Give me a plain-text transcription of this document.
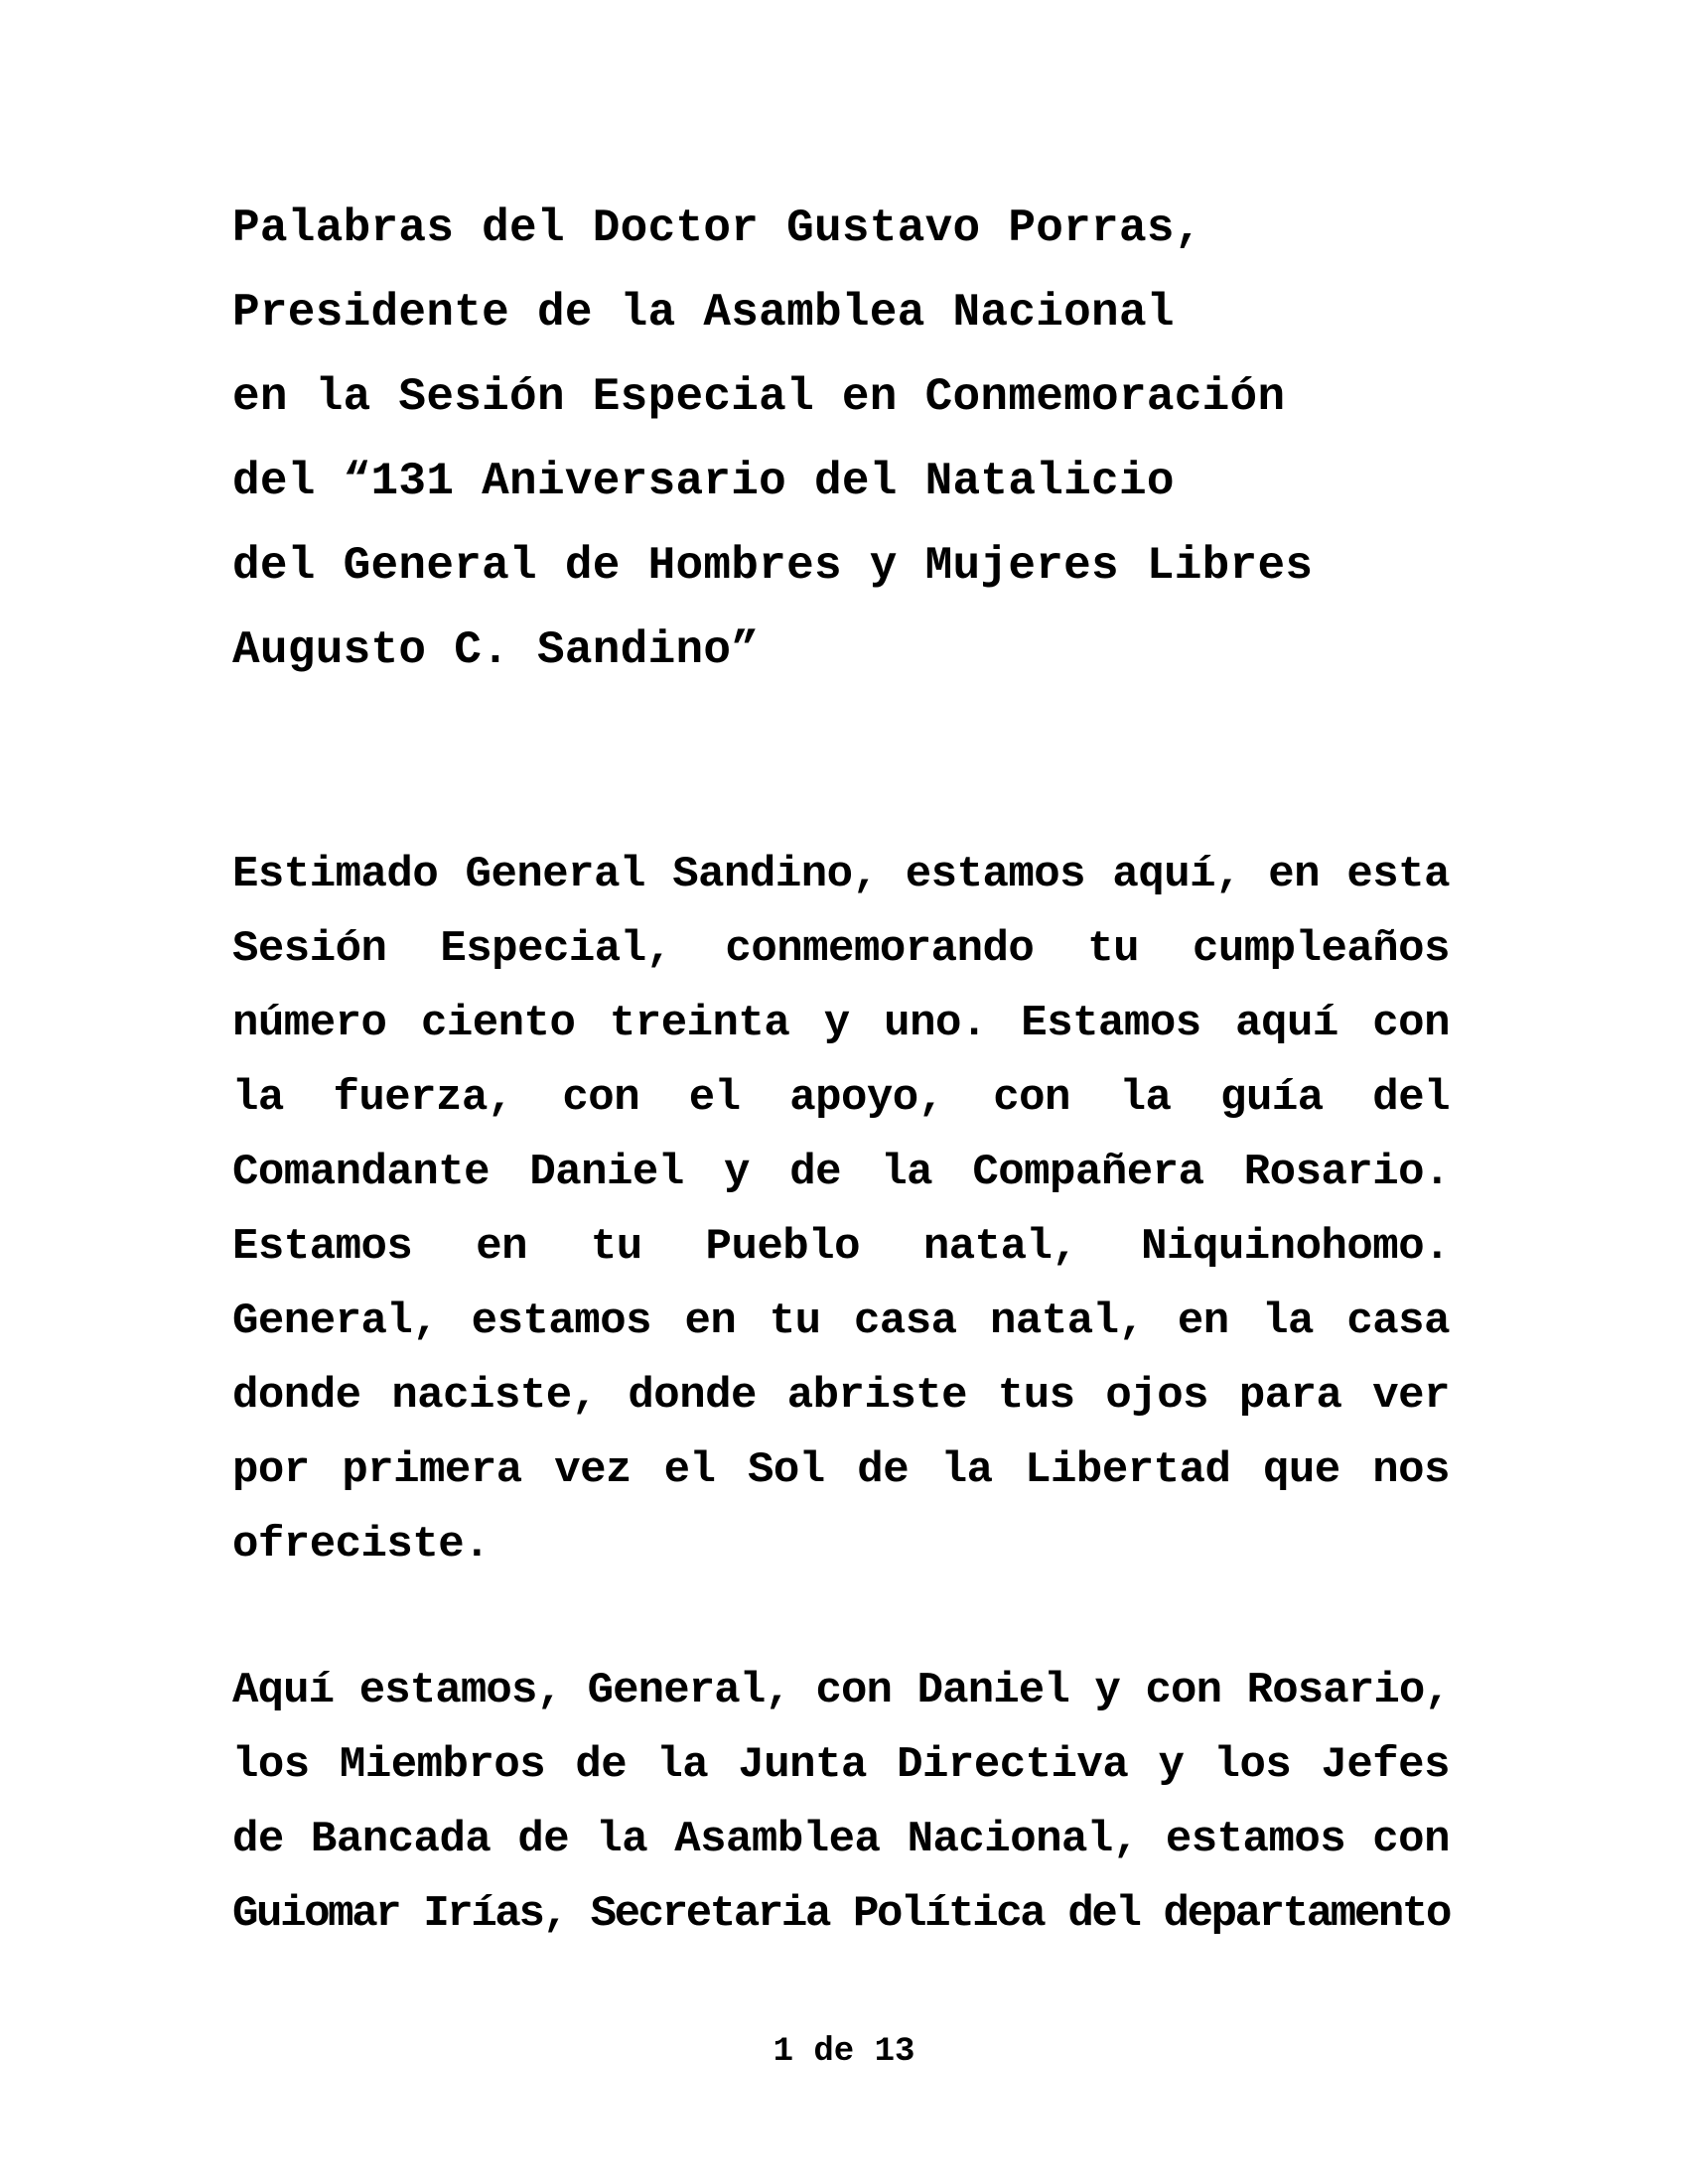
Palabras del Doctor Gustavo Porras,
Presidente de la Asamblea Nacional
en la Sesión Especial en Conmemoración
del “131 Aniversario del Natalicio
del General de Hombres y Mujeres Libres
Augusto C. Sandino”
Estimado General Sandino, estamos aquí, en esta
Sesión Especial, conmemorando tu cumpleaños
número ciento treinta y uno. Estamos aquí con
la fuerza, con el apoyo, con la guía del
Comandante Daniel y de la Compañera Rosario.
Estamos en tu Pueblo natal, Niquinohomo.
General, estamos en tu casa natal, en la casa
donde naciste, donde abriste tus ojos para ver
por primera vez el Sol de la Libertad que nos
ofreciste.
Aquí estamos, General, con Daniel y con Rosario,
los Miembros de la Junta Directiva y los Jefes
de Bancada de la Asamblea Nacional, estamos con
Guiomar Irías, Secretaria Política del departamento
1 de 13
